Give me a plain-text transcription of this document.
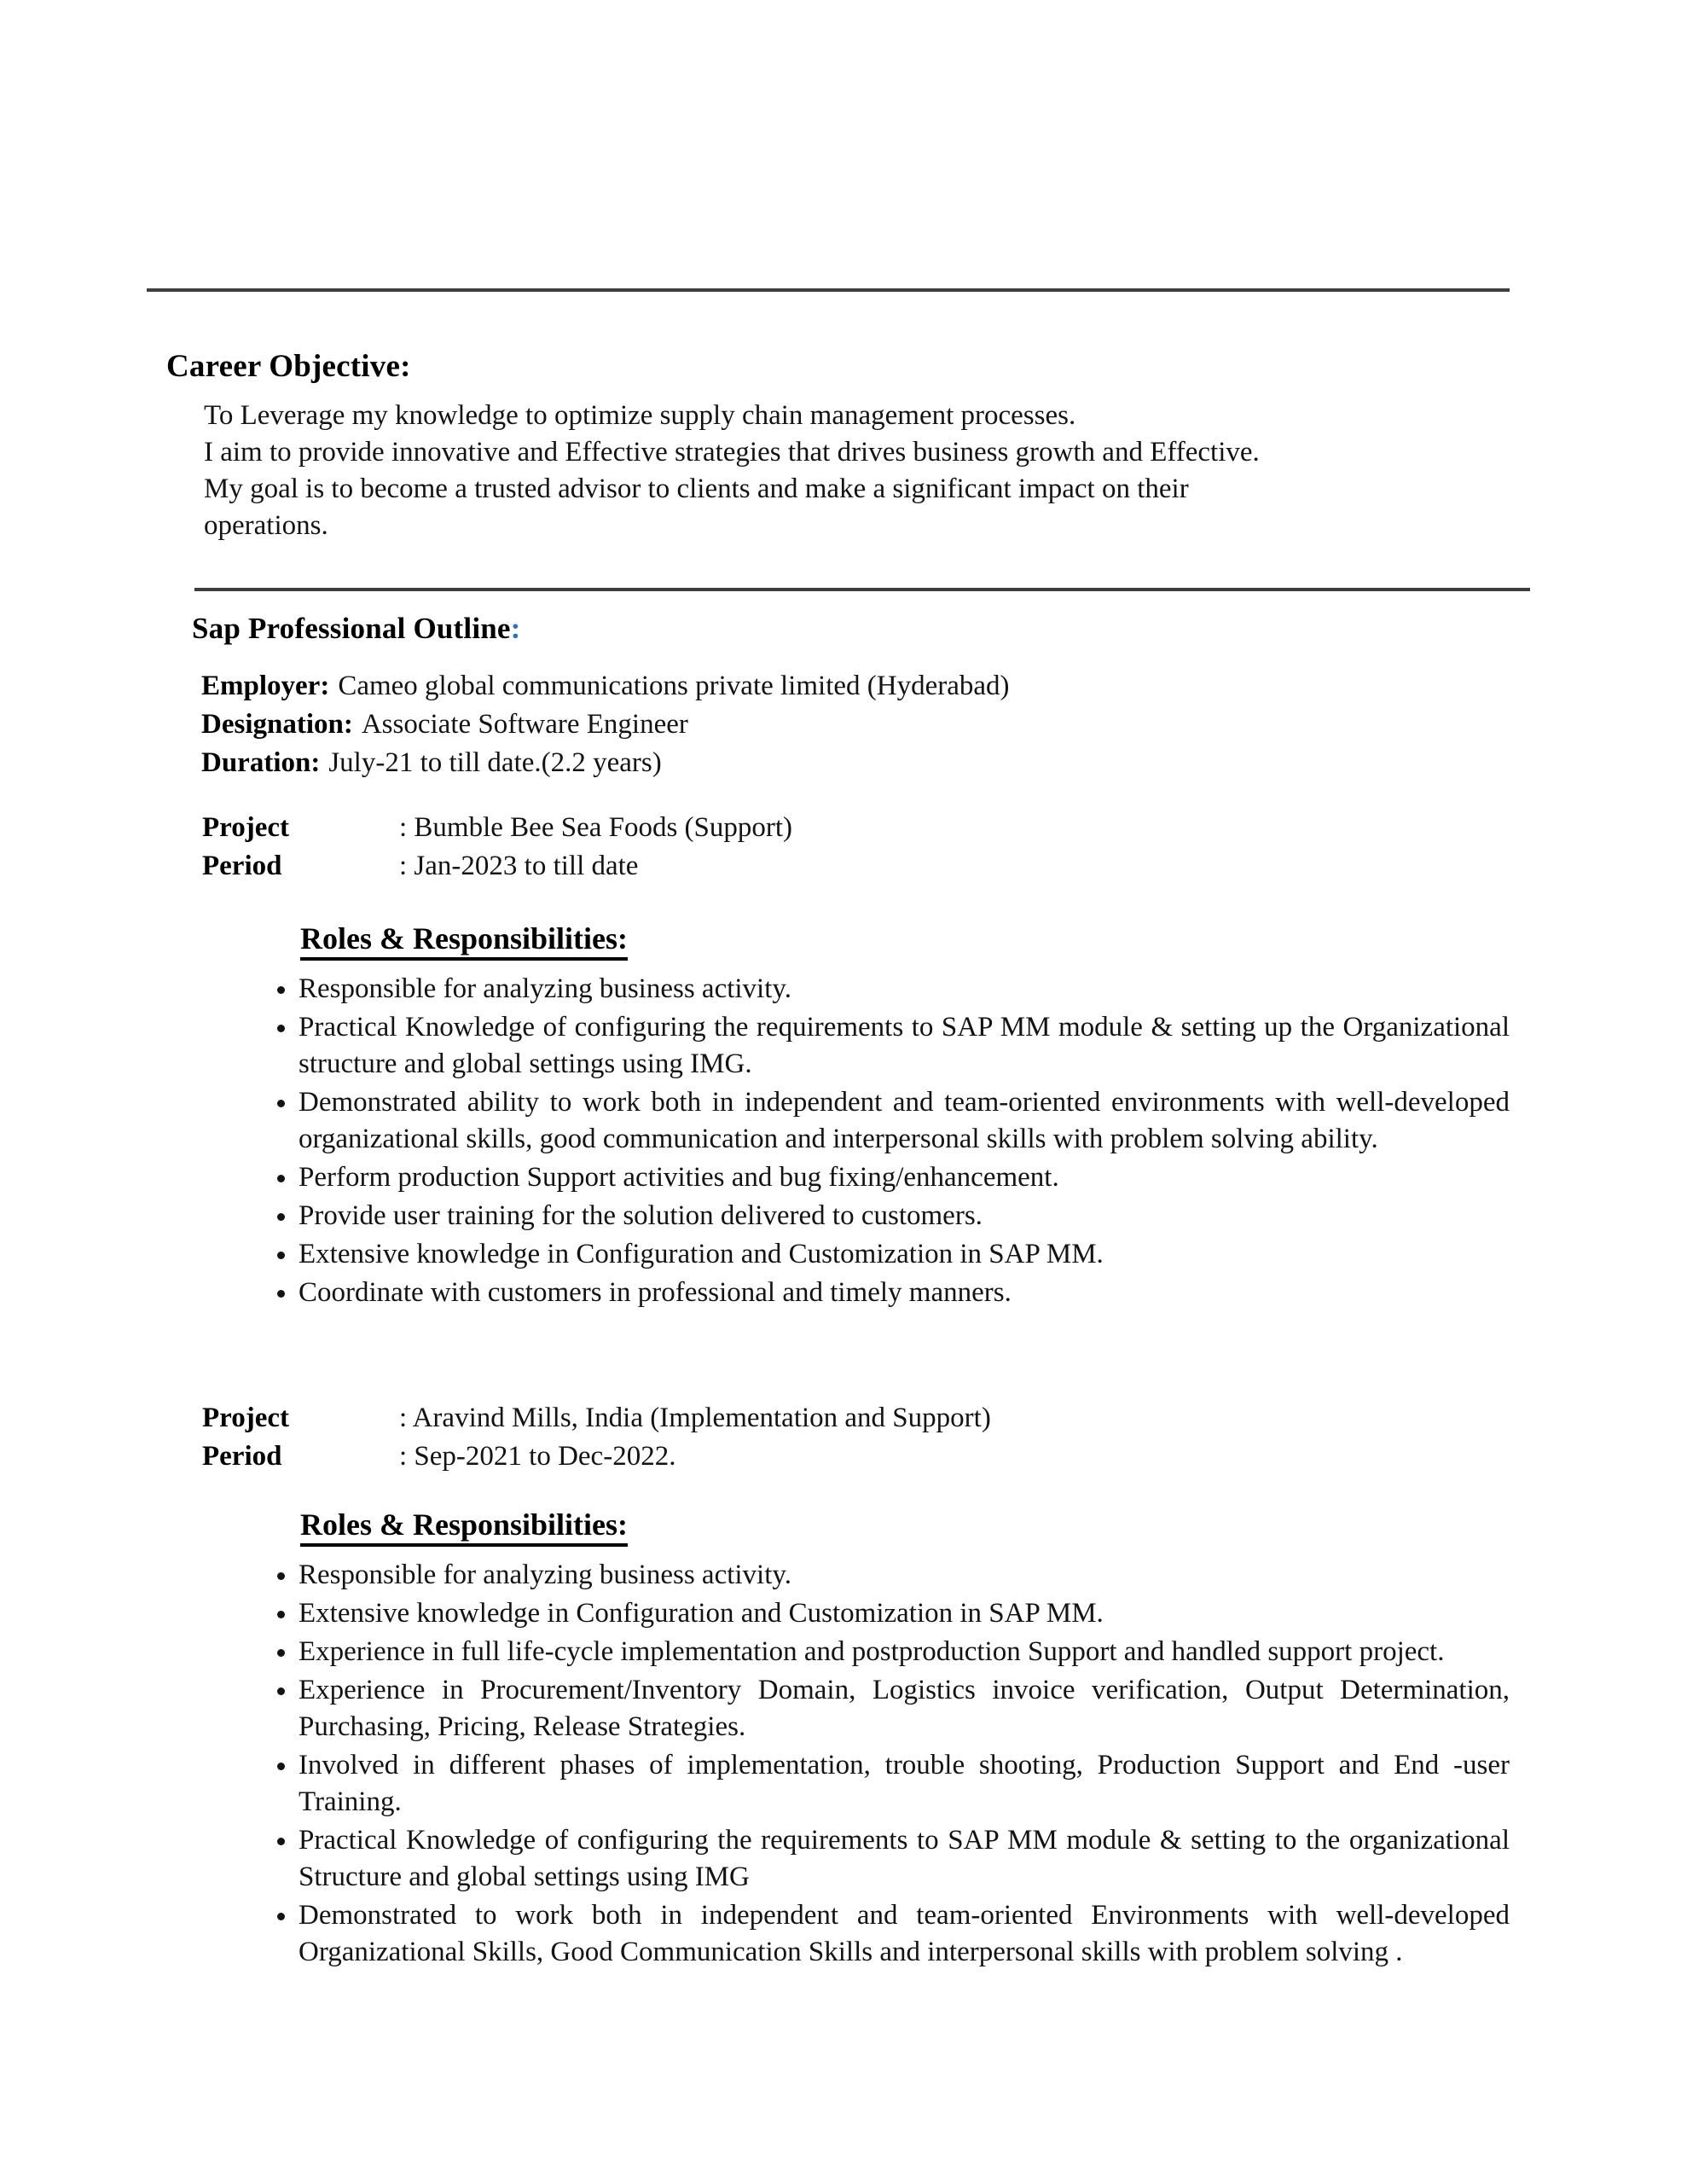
Career Objective:
To Leverage my knowledge to optimize supply chain management processes.
I aim to provide innovative and Effective strategies that drives business growth and Effective.
My goal is to become a trusted advisor to clients and make a significant impact on their
operations.
Sap Professional Outline:
Employer: Cameo global communications private limited (Hyderabad)
Designation: Associate Software Engineer
Duration: July-21 to till date.(2.2 years)
Project	: Bumble Bee Sea Foods (Support)
Period	: Jan-2023 to till date
Roles & Responsibilities:
• Responsible for analyzing business activity.
• Practical Knowledge of configuring the requirements to SAP MM module & setting up the Organizational structure and global settings using IMG.
• Demonstrated ability to work both in independent and team-oriented environments with well-developed organizational skills, good communication and interpersonal skills with problem solving ability.
• Perform production Support activities and bug fixing/enhancement.
• Provide user training for the solution delivered to customers.
• Extensive knowledge in Configuration and Customization in SAP MM.
• Coordinate with customers in professional and timely manners.
Project	: Aravind Mills, India (Implementation and Support)
Period	: Sep-2021 to Dec-2022.
Roles & Responsibilities:
• Responsible for analyzing business activity.
• Extensive knowledge in Configuration and Customization in SAP MM.
• Experience in full life-cycle implementation and postproduction Support and handled support project.
• Experience in Procurement/Inventory Domain, Logistics invoice verification, Output Determination, Purchasing, Pricing, Release Strategies.
• Involved in different phases of implementation, trouble shooting, Production Support and End -user Training.
• Practical Knowledge of configuring the requirements to SAP MM module & setting to the organizational Structure and global settings using IMG
• Demonstrated to work both in independent and team-oriented Environments with well-developed Organizational Skills, Good Communication Skills and interpersonal skills with problem solving .
